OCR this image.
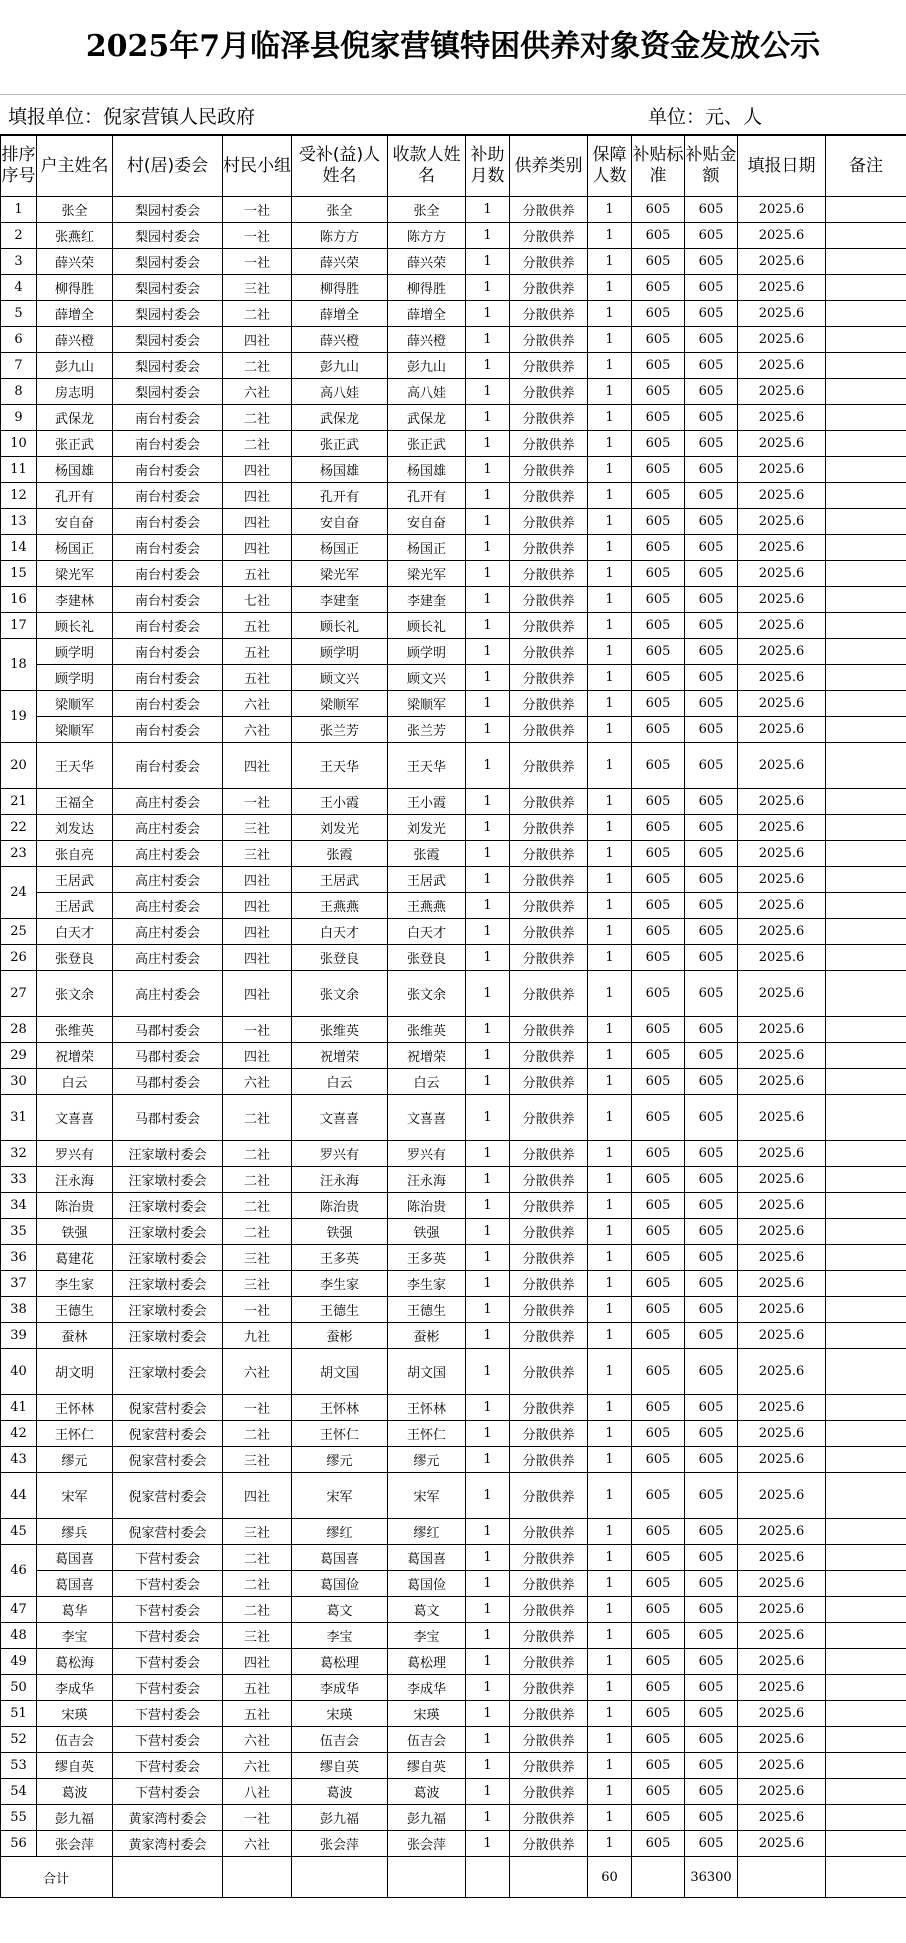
2025年7月临泽县倪家营镇特困供养对象资金发放公示
填报单位：倪家营镇人民政府	单位：元、人
排序序号	户主姓名	村(居)委会	村民小组	受补(益)人姓名	收款人姓名	补助月数	供养类别	保障人数	补贴标准	补贴金额	填报日期	备注
1	张全	梨园村委会	一社	张全	张全	1	分散供养	1	605	605	2025.6	
2	张燕红	梨园村委会	一社	陈方方	陈方方	1	分散供养	1	605	605	2025.6	
3	薛兴荣	梨园村委会	一社	薛兴荣	薛兴荣	1	分散供养	1	605	605	2025.6	
4	柳得胜	梨园村委会	三社	柳得胜	柳得胜	1	分散供养	1	605	605	2025.6	
5	薛增全	梨园村委会	二社	薛增全	薛增全	1	分散供养	1	605	605	2025.6	
6	薛兴橙	梨园村委会	四社	薛兴橙	薛兴橙	1	分散供养	1	605	605	2025.6	
7	彭九山	梨园村委会	二社	彭九山	彭九山	1	分散供养	1	605	605	2025.6	
8	房志明	梨园村委会	六社	高八娃	高八娃	1	分散供养	1	605	605	2025.6	
9	武保龙	南台村委会	二社	武保龙	武保龙	1	分散供养	1	605	605	2025.6	
10	张正武	南台村委会	二社	张正武	张正武	1	分散供养	1	605	605	2025.6	
11	杨国雄	南台村委会	四社	杨国雄	杨国雄	1	分散供养	1	605	605	2025.6	
12	孔开有	南台村委会	四社	孔开有	孔开有	1	分散供养	1	605	605	2025.6	
13	安自奋	南台村委会	四社	安自奋	安自奋	1	分散供养	1	605	605	2025.6	
14	杨国正	南台村委会	四社	杨国正	杨国正	1	分散供养	1	605	605	2025.6	
15	梁光军	南台村委会	五社	梁光军	梁光军	1	分散供养	1	605	605	2025.6	
16	李建林	南台村委会	七社	李建奎	李建奎	1	分散供养	1	605	605	2025.6	
17	顾长礼	南台村委会	五社	顾长礼	顾长礼	1	分散供养	1	605	605	2025.6	
18	顾学明	南台村委会	五社	顾学明	顾学明	1	分散供养	1	605	605	2025.6	
	顾学明	南台村委会	五社	顾文兴	顾文兴	1	分散供养	1	605	605	2025.6	
19	梁顺军	南台村委会	六社	梁顺军	梁顺军	1	分散供养	1	605	605	2025.6	
	梁顺军	南台村委会	六社	张兰芳	张兰芳	1	分散供养	1	605	605	2025.6	
20	王天华	南台村委会	四社	王天华	王天华	1	分散供养	1	605	605	2025.6	
21	王福全	高庄村委会	一社	王小霞	王小霞	1	分散供养	1	605	605	2025.6	
22	刘发达	高庄村委会	三社	刘发光	刘发光	1	分散供养	1	605	605	2025.6	
23	张自亮	高庄村委会	三社	张霞	张霞	1	分散供养	1	605	605	2025.6	
24	王居武	高庄村委会	四社	王居武	王居武	1	分散供养	1	605	605	2025.6	
	王居武	高庄村委会	四社	王燕燕	王燕燕	1	分散供养	1	605	605	2025.6	
25	白天才	高庄村委会	四社	白天才	白天才	1	分散供养	1	605	605	2025.6	
26	张登良	高庄村委会	四社	张登良	张登良	1	分散供养	1	605	605	2025.6	
27	张文余	高庄村委会	四社	张文余	张文余	1	分散供养	1	605	605	2025.6	
28	张维英	马郡村委会	一社	张维英	张维英	1	分散供养	1	605	605	2025.6	
29	祝增荣	马郡村委会	四社	祝增荣	祝增荣	1	分散供养	1	605	605	2025.6	
30	白云	马郡村委会	六社	白云	白云	1	分散供养	1	605	605	2025.6	
31	文喜喜	马郡村委会	二社	文喜喜	文喜喜	1	分散供养	1	605	605	2025.6	
32	罗兴有	汪家墩村委会	二社	罗兴有	罗兴有	1	分散供养	1	605	605	2025.6	
33	汪永海	汪家墩村委会	二社	汪永海	汪永海	1	分散供养	1	605	605	2025.6	
34	陈治贵	汪家墩村委会	二社	陈治贵	陈治贵	1	分散供养	1	605	605	2025.6	
35	铁强	汪家墩村委会	二社	铁强	铁强	1	分散供养	1	605	605	2025.6	
36	葛建花	汪家墩村委会	三社	王多英	王多英	1	分散供养	1	605	605	2025.6	
37	李生家	汪家墩村委会	三社	李生家	李生家	1	分散供养	1	605	605	2025.6	
38	王德生	汪家墩村委会	一社	王德生	王德生	1	分散供养	1	605	605	2025.6	
39	蚕林	汪家墩村委会	九社	蚕彬	蚕彬	1	分散供养	1	605	605	2025.6	
40	胡文明	汪家墩村委会	六社	胡文国	胡文国	1	分散供养	1	605	605	2025.6	
41	王怀林	倪家营村委会	一社	王怀林	王怀林	1	分散供养	1	605	605	2025.6	
42	王怀仁	倪家营村委会	二社	王怀仁	王怀仁	1	分散供养	1	605	605	2025.6	
43	缪元	倪家营村委会	三社	缪元	缪元	1	分散供养	1	605	605	2025.6	
44	宋军	倪家营村委会	四社	宋军	宋军	1	分散供养	1	605	605	2025.6	
45	缪兵	倪家营村委会	三社	缪红	缪红	1	分散供养	1	605	605	2025.6	
46	葛国喜	下营村委会	二社	葛国喜	葛国喜	1	分散供养	1	605	605	2025.6	
	葛国喜	下营村委会	二社	葛国俭	葛国俭	1	分散供养	1	605	605	2025.6	
47	葛华	下营村委会	二社	葛文	葛文	1	分散供养	1	605	605	2025.6	
48	李宝	下营村委会	三社	李宝	李宝	1	分散供养	1	605	605	2025.6	
49	葛松海	下营村委会	四社	葛松理	葛松理	1	分散供养	1	605	605	2025.6	
50	李成华	下营村委会	五社	李成华	李成华	1	分散供养	1	605	605	2025.6	
51	宋瑛	下营村委会	五社	宋瑛	宋瑛	1	分散供养	1	605	605	2025.6	
52	伍吉会	下营村委会	六社	伍吉会	伍吉会	1	分散供养	1	605	605	2025.6	
53	缪自英	下营村委会	六社	缪自英	缪自英	1	分散供养	1	605	605	2025.6	
54	葛波	下营村委会	八社	葛波	葛波	1	分散供养	1	605	605	2025.6	
55	彭九福	黄家湾村委会	一社	彭九福	彭九福	1	分散供养	1	605	605	2025.6	
56	张会萍	黄家湾村委会	六社	张会萍	张会萍	1	分散供养	1	605	605	2025.6	
合计								60		36300		
